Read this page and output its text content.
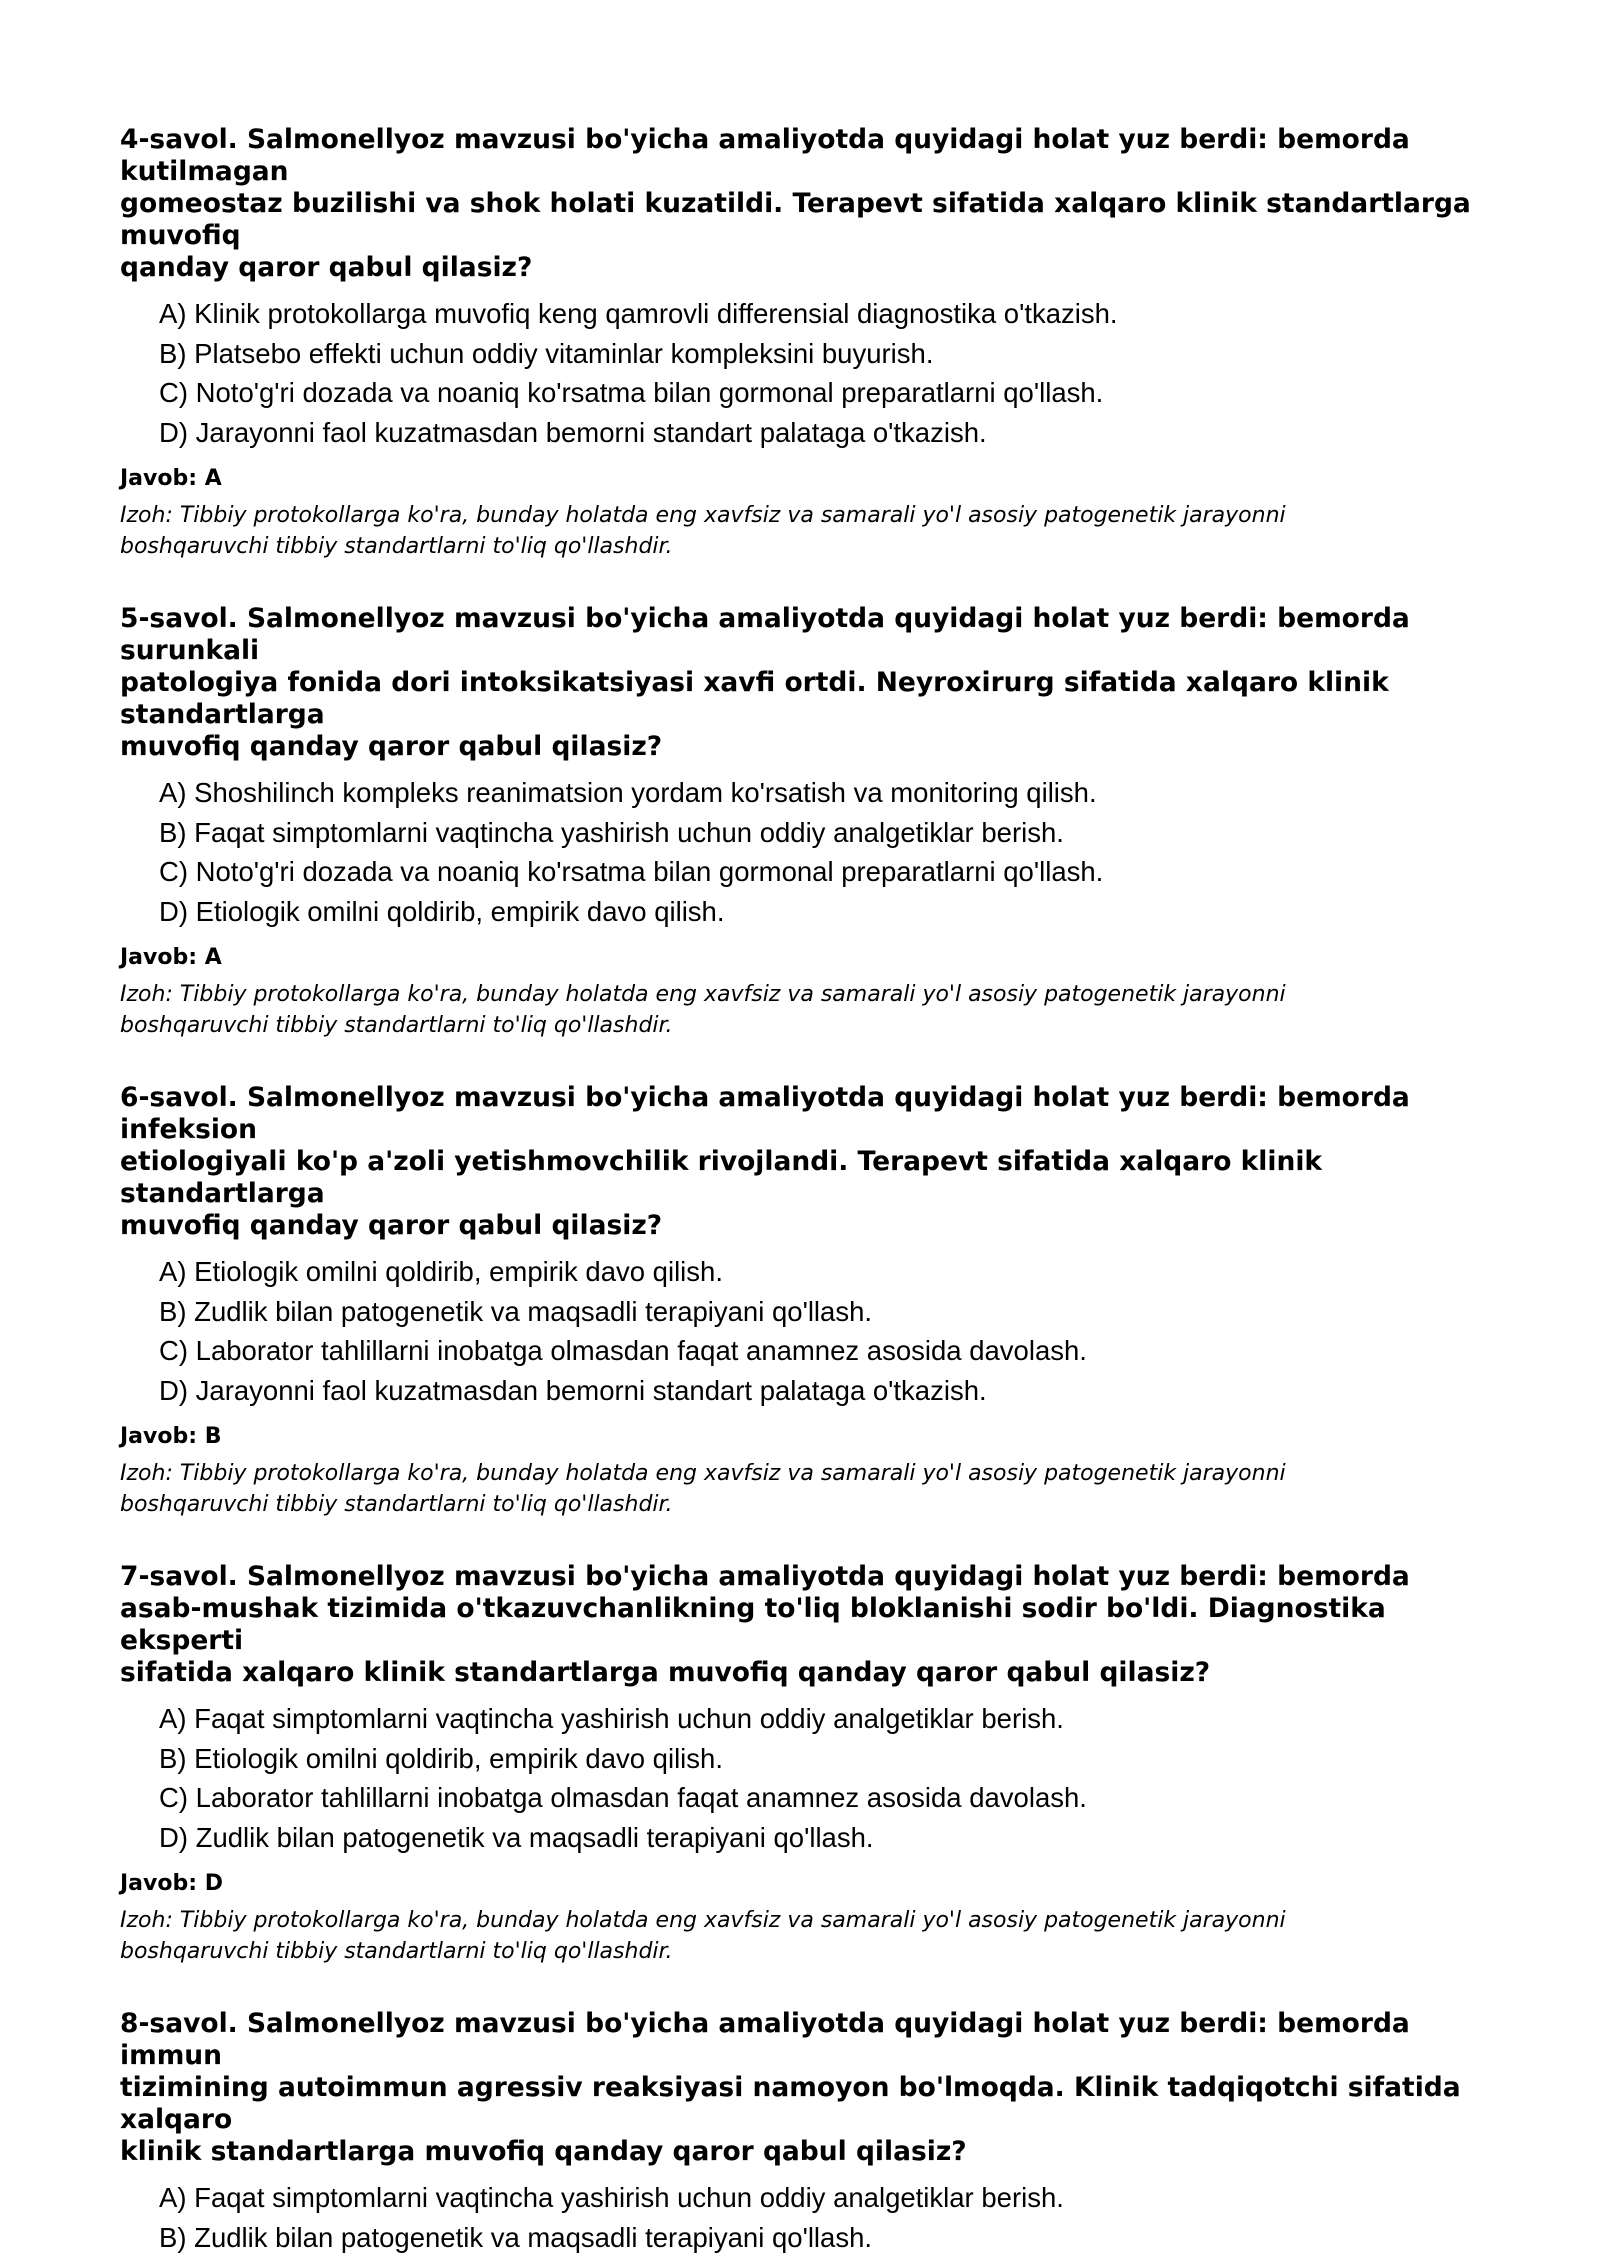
4-savol. Salmonellyoz mavzusi bo'yicha amaliyotda quyidagi holat yuz berdi: bemorda kutilmagan
gomeostaz buzilishi va shok holati kuzatildi. Terapevt sifatida xalqaro klinik standartlarga muvofiq
qanday qaror qabul qilasiz?
A) Klinik protokollarga muvofiq keng qamrovli differensial diagnostika o'tkazish.
B) Platsebo effekti uchun oddiy vitaminlar kompleksini buyurish.
C) Noto'g'ri dozada va noaniq ko'rsatma bilan gormonal preparatlarni qo'llash.
D) Jarayonni faol kuzatmasdan bemorni standart palataga o'tkazish.
Javob: A
Izoh: Tibbiy protokollarga ko'ra, bunday holatda eng xavfsiz va samarali yo'l asosiy patogenetik jarayonni
boshqaruvchi tibbiy standartlarni to'liq qo'llashdir.
5-savol. Salmonellyoz mavzusi bo'yicha amaliyotda quyidagi holat yuz berdi: bemorda surunkali
patologiya fonida dori intoksikatsiyasi xavfi ortdi. Neyroxirurg sifatida xalqaro klinik standartlarga
muvofiq qanday qaror qabul qilasiz?
A) Shoshilinch kompleks reanimatsion yordam ko'rsatish va monitoring qilish.
B) Faqat simptomlarni vaqtincha yashirish uchun oddiy analgetiklar berish.
C) Noto'g'ri dozada va noaniq ko'rsatma bilan gormonal preparatlarni qo'llash.
D) Etiologik omilni qoldirib, empirik davo qilish.
Javob: A
Izoh: Tibbiy protokollarga ko'ra, bunday holatda eng xavfsiz va samarali yo'l asosiy patogenetik jarayonni
boshqaruvchi tibbiy standartlarni to'liq qo'llashdir.
6-savol. Salmonellyoz mavzusi bo'yicha amaliyotda quyidagi holat yuz berdi: bemorda infeksion
etiologiyali ko'p a'zoli yetishmovchilik rivojlandi. Terapevt sifatida xalqaro klinik standartlarga
muvofiq qanday qaror qabul qilasiz?
A) Etiologik omilni qoldirib, empirik davo qilish.
B) Zudlik bilan patogenetik va maqsadli terapiyani qo'llash.
C) Laborator tahlillarni inobatga olmasdan faqat anamnez asosida davolash.
D) Jarayonni faol kuzatmasdan bemorni standart palataga o'tkazish.
Javob: B
Izoh: Tibbiy protokollarga ko'ra, bunday holatda eng xavfsiz va samarali yo'l asosiy patogenetik jarayonni
boshqaruvchi tibbiy standartlarni to'liq qo'llashdir.
7-savol. Salmonellyoz mavzusi bo'yicha amaliyotda quyidagi holat yuz berdi: bemorda
asab-mushak tizimida o'tkazuvchanlikning to'liq bloklanishi sodir bo'ldi. Diagnostika eksperti
sifatida xalqaro klinik standartlarga muvofiq qanday qaror qabul qilasiz?
A) Faqat simptomlarni vaqtincha yashirish uchun oddiy analgetiklar berish.
B) Etiologik omilni qoldirib, empirik davo qilish.
C) Laborator tahlillarni inobatga olmasdan faqat anamnez asosida davolash.
D) Zudlik bilan patogenetik va maqsadli terapiyani qo'llash.
Javob: D
Izoh: Tibbiy protokollarga ko'ra, bunday holatda eng xavfsiz va samarali yo'l asosiy patogenetik jarayonni
boshqaruvchi tibbiy standartlarni to'liq qo'llashdir.
8-savol. Salmonellyoz mavzusi bo'yicha amaliyotda quyidagi holat yuz berdi: bemorda immun
tizimining autoimmun agressiv reaksiyasi namoyon bo'lmoqda. Klinik tadqiqotchi sifatida xalqaro
klinik standartlarga muvofiq qanday qaror qabul qilasiz?
A) Faqat simptomlarni vaqtincha yashirish uchun oddiy analgetiklar berish.
B) Zudlik bilan patogenetik va maqsadli terapiyani qo'llash.
